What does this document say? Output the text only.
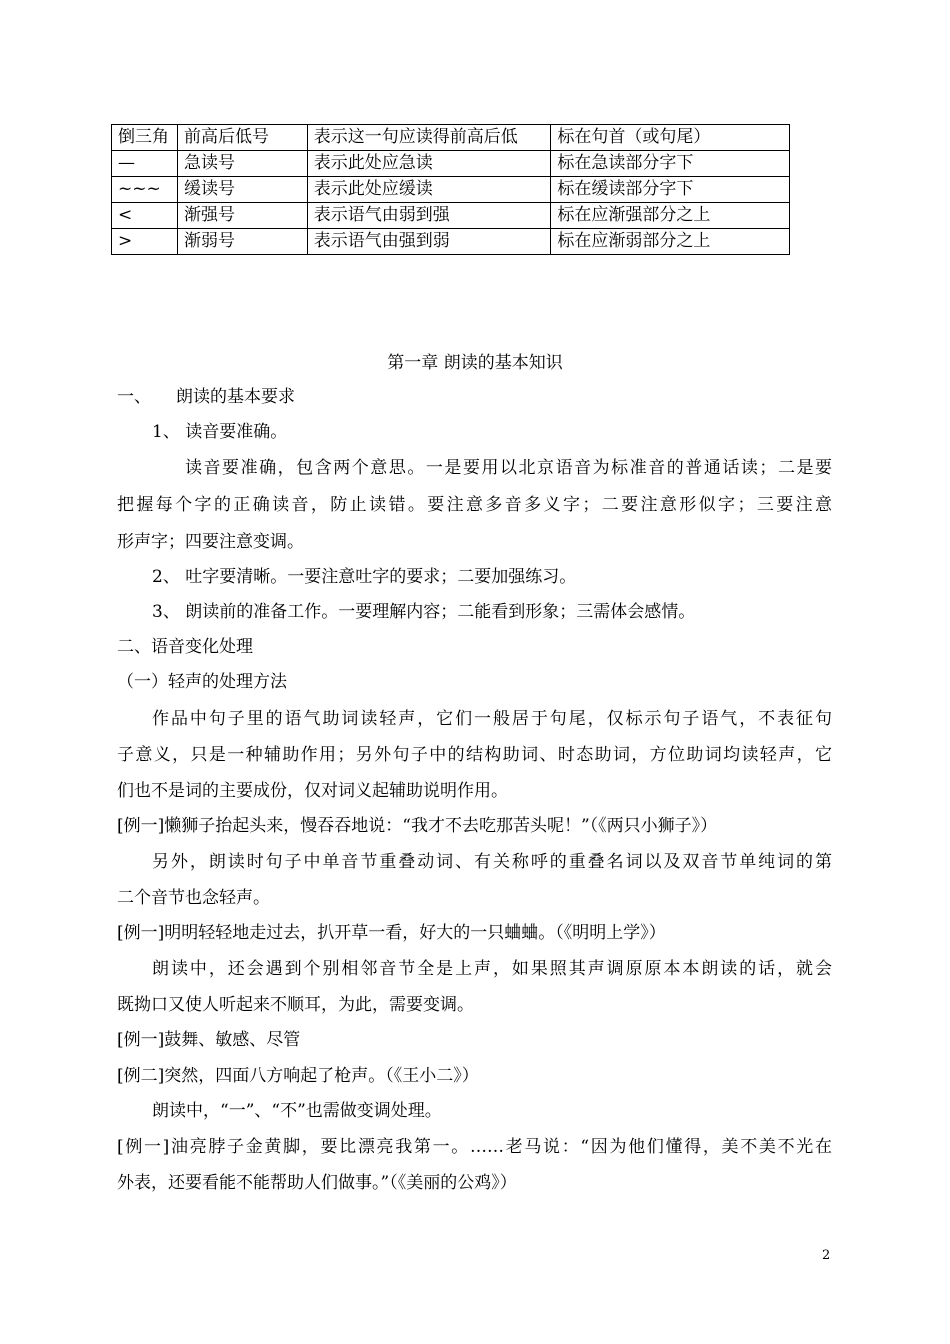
倒三角	前高后低号	表示这一句应读得前高后低	标在句首（或句尾）
—	急读号	表示此处应急读	标在急读部分字下
~~~	缓读号	表示此处应缓读	标在缓读部分字下
<	渐强号	表示语气由弱到强	标在应渐强部分之上
>	渐弱号	表示语气由强到弱	标在应渐弱部分之上
第一章 朗读的基本知识
一、 朗读的基本要求
1、 读音要准确。
读音要准确，包含两个意思。一是要用以北京语音为标准音的普通话读；二是要
把握每个字的正确读音，防止读错。要注意多音多义字；二要注意形似字；三要注意
形声字；四要注意变调。
2、 吐字要清晰。一要注意吐字的要求；二要加强练习。
3、 朗读前的准备工作。一要理解内容；二能看到形象；三需体会感情。
二、语音变化处理
（一）轻声的处理方法
作品中句子里的语气助词读轻声，它们一般居于句尾，仅标示句子语气，不表征句
子意义，只是一种辅助作用；另外句子中的结构助词、时态助词，方位助词均读轻声，它
们也不是词的主要成份，仅对词义起辅助说明作用。
[例一]懒狮子抬起头来，慢吞吞地说：“我才不去吃那苦头呢！”（《两只小狮子》）
另外，朗读时句子中单音节重叠动词、有关称呼的重叠名词以及双音节单纯词的第
二个音节也念轻声。
[例一]明明轻轻地走过去，扒开草一看，好大的一只蛐蛐。（《明明上学》）
朗读中，还会遇到个别相邻音节全是上声，如果照其声调原原本本朗读的话，就会
既拗口又使人听起来不顺耳，为此，需要变调。
[例一]鼓舞、敏感、尽管
[例二]突然，四面八方响起了枪声。（《王小二》）
朗读中，“一”、“不”也需做变调处理。
[例一]油亮脖子金黄脚，要比漂亮我第一。……老马说：“因为他们懂得，美不美不光在
外表，还要看能不能帮助人们做事。”（《美丽的公鸡》）
2
